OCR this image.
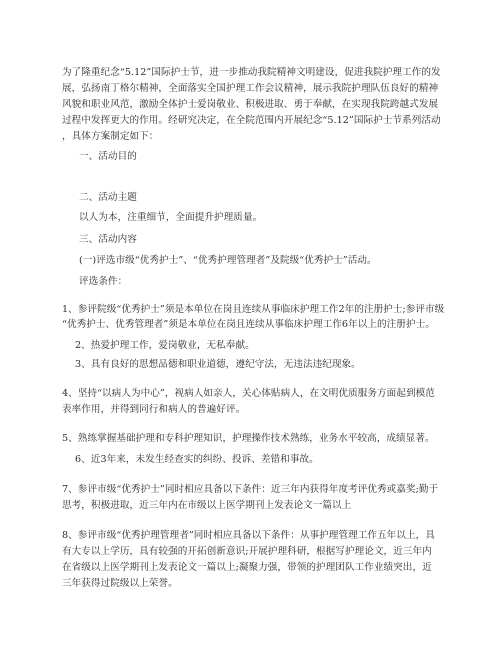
为了隆重纪念“5.12”国际护士节，进一步推动我院精神文明建设，促进我院护理工作的发
展，弘扬南丁格尔精神，全面落实全国护理工作会议精神，展示我院护理队伍良好的精神
风貌和职业风范，激励全体护士爱岗敬业、积极进取、勇于奉献，在实现我院跨越式发展
过程中发挥更大的作用。经研究决定，在全院范围内开展纪念“5.12”国际护士节系列活动
，具体方案制定如下：
一、活动目的
二、活动主题
以人为本，注重细节，全面提升护理质量。
三、活动内容
(一)评选市级“优秀护士”、“优秀护理管理者”及院级“优秀护士”活动。
评选条件：
1、参评院级“优秀护士”须是本单位在岗且连续从事临床护理工作2年的注册护士;参评市级
“优秀护士、优秀管理者”须是本单位在岗且连续从事临床护理工作6年以上的注册护士。
2、热爱护理工作，爱岗敬业，无私奉献。
3、具有良好的思想品德和职业道德，遵纪守法，无违法违纪现象。
4、坚持“以病人为中心”，视病人如亲人，关心体贴病人，在文明优质服务方面起到模范
表率作用，并得到同行和病人的普遍好评。
5、熟练掌握基础护理和专科护理知识，护理操作技术熟练，业务水平较高，成绩显著。
6、近3年来，未发生经查实的纠纷、投诉、差错和事故。
7、参评市级“优秀护士”同时相应具备以下条件：近三年内获得年度考评优秀或嘉奖;勤于
思考，积极进取，近三年内在市级以上医学期刊上发表论文一篇以上
8、参评市级“优秀护理管理者”同时相应具备以下条件：从事护理管理工作五年以上，具
有大专以上学历，具有较强的开拓创新意识;开展护理科研，根据写护理论文，近三年内
在省级以上医学期刊上发表论文一篇以上;凝聚力强，带领的护理团队工作业绩突出，近
三年获得过院级以上荣誉。
